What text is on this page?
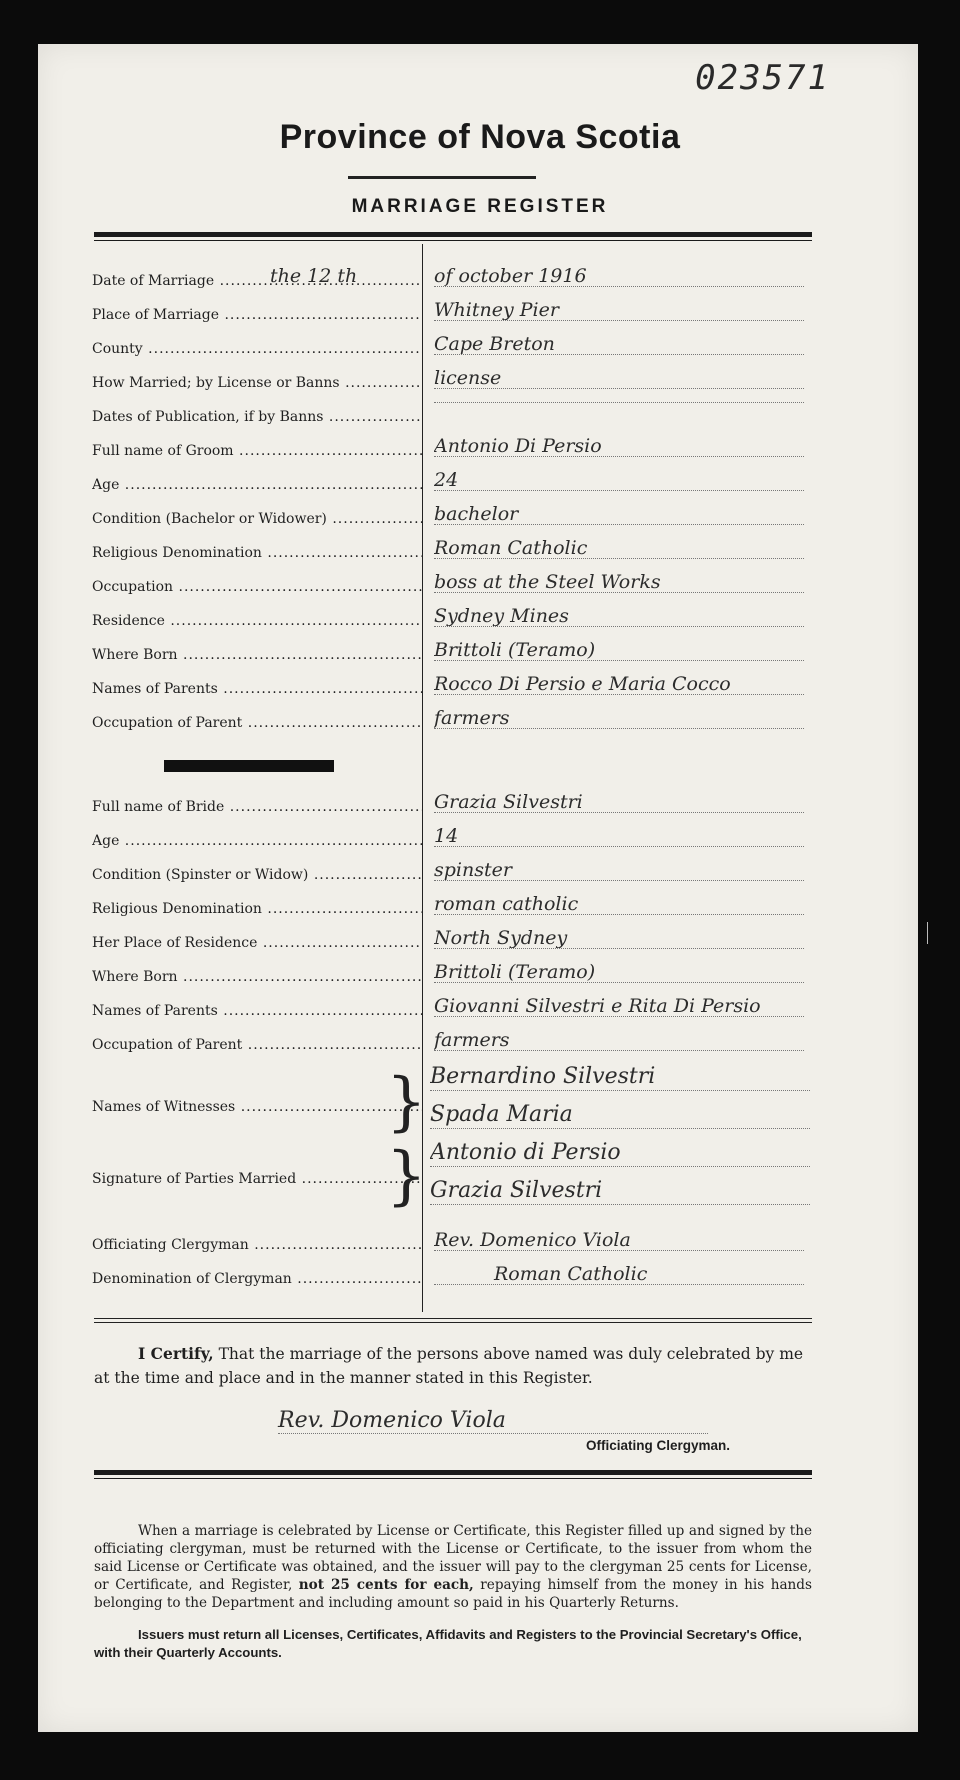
023571
Province of Nova Scotia
MARRIAGE REGISTER
Date of Marriage .....	the 12 th	of october 1916
Place of Marriage .....	Whitney Pier
County .....	Cape Breton
How Married; by License or Banns .....	license
Dates of Publication, if by Banns .....
Full name of Groom .....	Antonio Di Persio
Age .....	24
Condition (Bachelor or Widower) .....	bachelor
Religious Denomination .....	Roman Catholic
Occupation .....	boss at the Steel Works
Residence .....	Sydney Mines
Where Born .....	Brittoli (Teramo)
Names of Parents .....	Rocco Di Persio e Maria Cocco
Occupation of Parent .....	farmers
Full name of Bride .....	Grazia Silvestri
Age .....	14
Condition (Spinster or Widow) .....	spinster
Religious Denomination .....	roman catholic
Her Place of Residence .....	North Sydney
Where Born .....	Brittoli (Teramo)
Names of Parents .....	Giovanni Silvestri e Rita Di Persio
Occupation of Parent .....	farmers
Names of Witnesses .....	} Bernardino Silvestri
Spada Maria
Signature of Parties Married .....	} Antonio di Persio
Grazia Silvestri
Officiating Clergyman .....	Rev. Domenico Viola
Denomination of Clergyman .....	Roman Catholic
I Certify, That the marriage of the persons above named was duly celebrated by me at the time and place and in the manner stated in this Register.
Rev. Domenico Viola
Officiating Clergyman.
When a marriage is celebrated by License or Certificate, this Register filled up and signed by the officiating clergyman, must be returned with the License or Certificate, to the issuer from whom the said License or Certificate was obtained, and the issuer will pay to the clergyman 25 cents for License, or Certificate, and Register, not 25 cents for each, repaying himself from the money in his hands belonging to the Department and including amount so paid in his Quarterly Returns.
Issuers must return all Licenses, Certificates, Affidavits and Registers to the Provincial Secretary's Office, with their Quarterly Accounts.
